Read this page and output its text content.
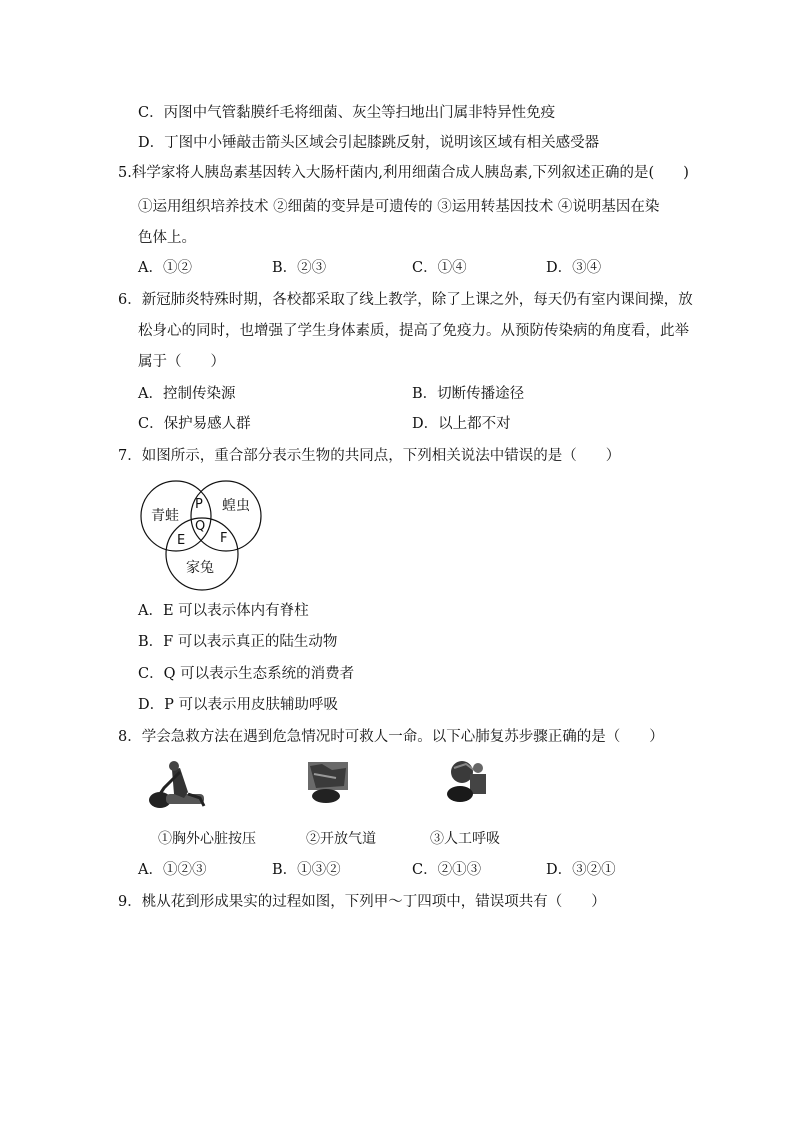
C．丙图中气管黏膜纤毛将细菌、灰尘等扫地出门属非特异性免疫
D．丁图中小锤敲击箭头区域会引起膝跳反射，说明该区域有相关感受器
5.科学家将人胰岛素基因转入大肠杆菌内,利用细菌合成人胰岛素,下列叙述正确的是(　　)
①运用组织培养技术 ②细菌的变异是可遗传的 ③运用转基因技术 ④说明基因在染
色体上。
A．①②	B．②③	C．①④	D．③④
6．新冠肺炎特殊时期，各校都采取了线上教学，除了上课之外，每天仍有室内课间操，放
松身心的同时，也增强了学生身体素质，提高了免疫力。从预防传染病的角度看，此举
属于（　　）
A．控制传染源	B．切断传播途径
C．保护易感人群	D．以上都不对
7．如图所示，重合部分表示生物的共同点，下列相关说法中错误的是（　　）
青蛙
蝗虫
家兔
P
Q
E	F
A．E 可以表示体内有脊柱
B．F 可以表示真正的陆生动物
C．Q 可以表示生态系统的消费者
D．P 可以表示用皮肤辅助呼吸
8．学会急救方法在遇到危急情况时可救人一命。以下心肺复苏步骤正确的是（　　）
①胸外心脏按压	②开放气道	③人工呼吸
A．①②③	B．①③②	C．②①③	D．③②①
9．桃从花到形成果实的过程如图，下列甲～丁四项中，错误项共有（　　）
